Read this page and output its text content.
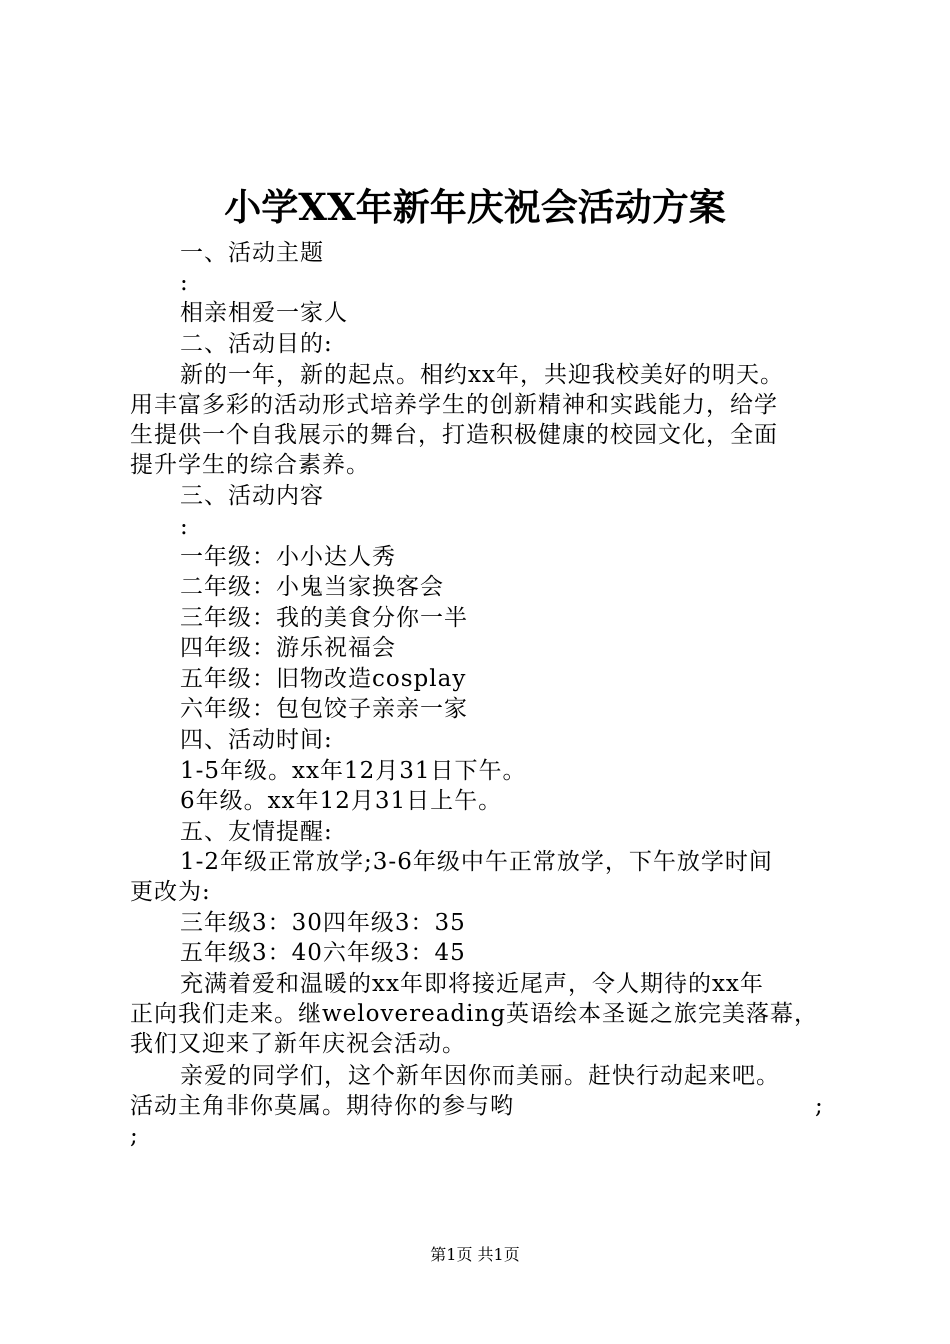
小学XX年新年庆祝会活动方案
一、活动主题
:
相亲相爱一家人
二、活动目的:
新的一年，新的起点。相约xx年，共迎我校美好的明天。
用丰富多彩的活动形式培养学生的创新精神和实践能力，给学
生提供一个自我展示的舞台，打造积极健康的校园文化，全面
提升学生的综合素养。
三、活动内容
:
一年级：小小达人秀
二年级：小鬼当家换客会
三年级：我的美食分你一半
四年级：游乐祝福会
五年级：旧物改造cosplay
六年级：包包饺子亲亲一家
四、活动时间:
1-5年级。xx年12月31日下午。
6年级。xx年12月31日上午。
五、友情提醒:
1-2年级正常放学;3-6年级中午正常放学，下午放学时间
更改为:
三年级3：30四年级3：35
五年级3：40六年级3：45
充满着爱和温暖的xx年即将接近尾声，令人期待的xx年
正向我们走来。继welovereading英语绘本圣诞之旅完美落幕，
我们又迎来了新年庆祝会活动。
亲爱的同学们，这个新年因你而美丽。赶快行动起来吧。
活动主角非你莫属。期待你的参与哟	;
;
第1页 共1页
